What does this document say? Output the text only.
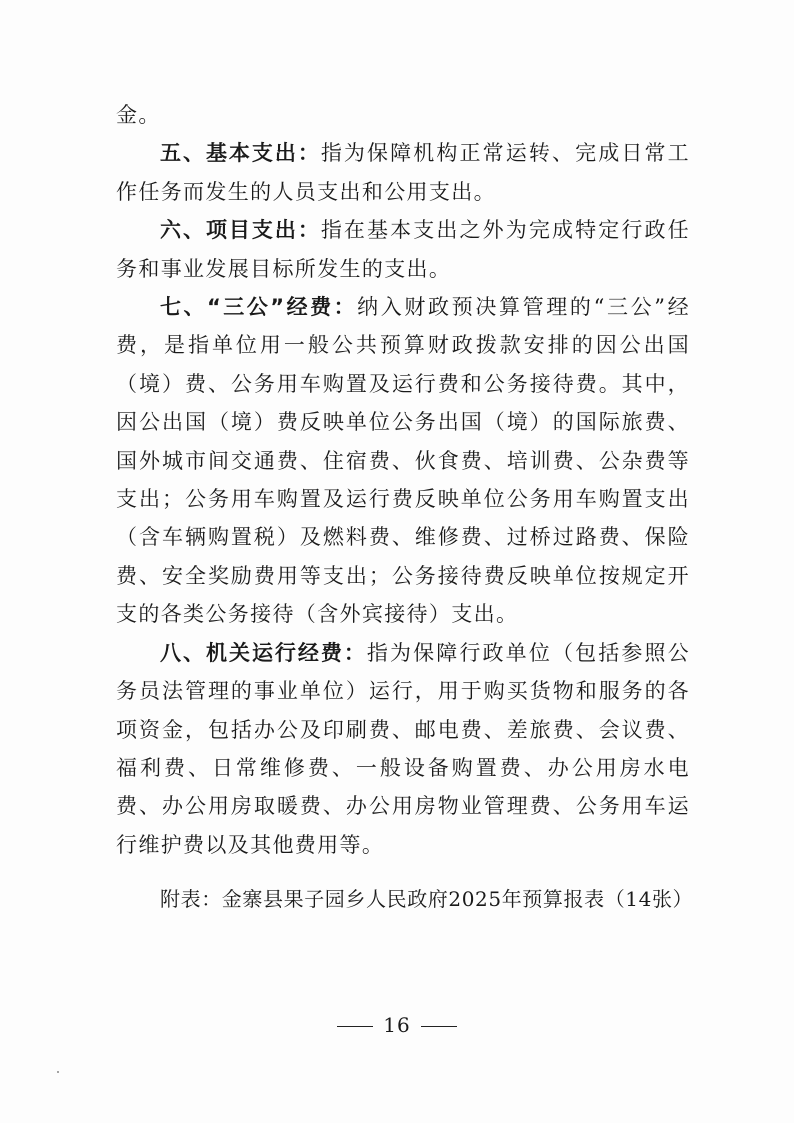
金。

五、基本支出：指为保障机构正常运转、完成日常工作任务而发生的人员支出和公用支出。

六、项目支出：指在基本支出之外为完成特定行政任务和事业发展目标所发生的支出。

七、“三公”经费：纳入财政预决算管理的“三公”经费，是指单位用一般公共预算财政拨款安排的因公出国（境）费、公务用车购置及运行费和公务接待费。其中，因公出国（境）费反映单位公务出国（境）的国际旅费、国外城市间交通费、住宿费、伙食费、培训费、公杂费等支出；公务用车购置及运行费反映单位公务用车购置支出（含车辆购置税）及燃料费、维修费、过桥过路费、保险费、安全奖励费用等支出；公务接待费反映单位按规定开支的各类公务接待（含外宾接待）支出。

八、机关运行经费：指为保障行政单位（包括参照公务员法管理的事业单位）运行，用于购买货物和服务的各项资金，包括办公及印刷费、邮电费、差旅费、会议费、福利费、日常维修费、一般设备购置费、办公用房水电费、办公用房取暖费、办公用房物业管理费、公务用车运行维护费以及其他费用等。

附表：金寨县果子园乡人民政府2025年预算报表（14张）
16
